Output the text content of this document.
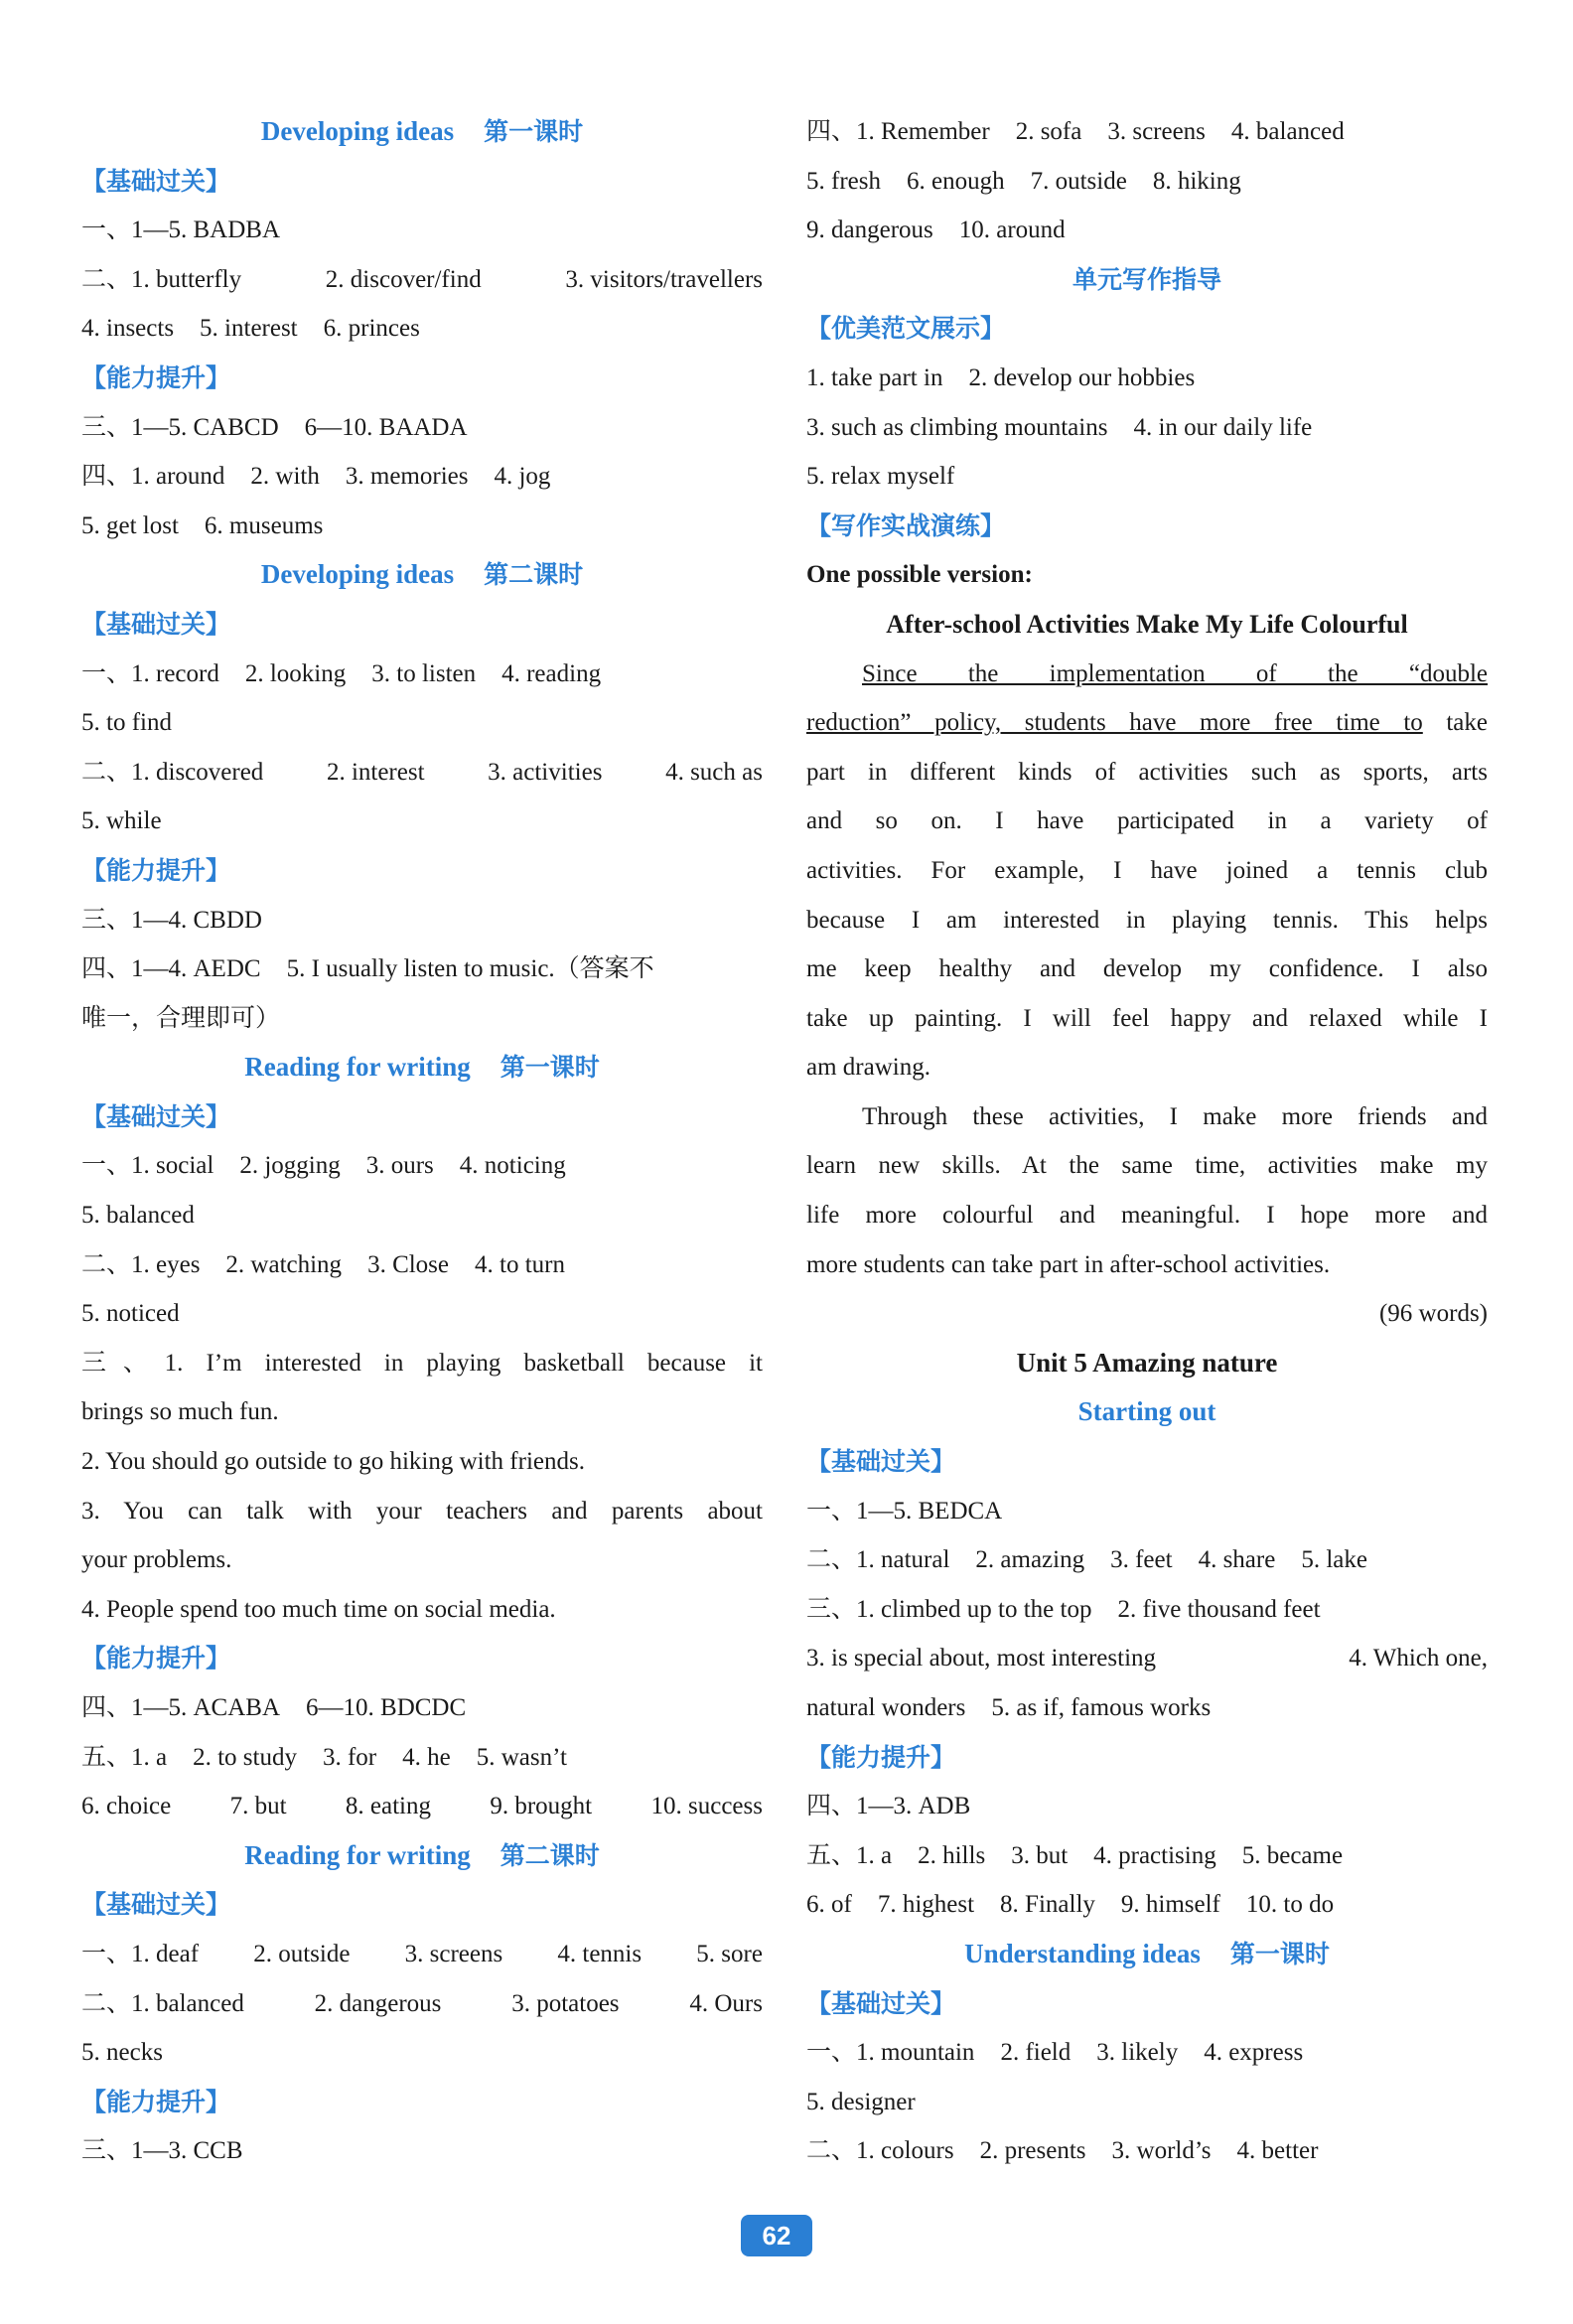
Developing ideas 第一课时
【基础过关】
一、1—5. BADBA
二、1. butterfly	2. discover/find	3. visitors/travellers
4. insects 5. interest 6. princes
【能力提升】
三、1—5. CABCD 6—10. BAADA
四、1. around 2. with 3. memories 4. jog
5. get lost 6. museums
Developing ideas 第二课时
【基础过关】
一、1. record 2. looking 3. to listen 4. reading
5. to find
二、1. discovered	2. interest	3. activities	4. such as
5. while
【能力提升】
三、1—4. CBDD
四、1—4. AEDC 5. I usually listen to music.（答案不
唯一，合理即可）
Reading for writing 第一课时
【基础过关】
一、1. social 2. jogging 3. ours 4. noticing
5. balanced
二、1. eyes 2. watching 3. Close 4. to turn
5. noticed
三、1. I’m interested in playing basketball because it
brings so much fun.
2. You should go outside to go hiking with friends.
3. You can talk with your teachers and parents about
your problems.
4. People spend too much time on social media.
【能力提升】
四、1—5. ACABA 6—10. BDCDC
五、1. a 2. to study 3. for 4. he 5. wasn’t
6. choice 7. but 8. eating 9. brought 10. success
Reading for writing 第二课时
【基础过关】
一、1. deaf 2. outside 3. screens 4. tennis 5. sore
二、1. balanced	2. dangerous	3. potatoes	4. Ours
5. necks
【能力提升】
三、1—3. CCB
四、1. Remember 2. sofa 3. screens 4. balanced
5. fresh 6. enough 7. outside 8. hiking
9. dangerous 10. around
单元写作指导
【优美范文展示】
1. take part in 2. develop our hobbies
3. such as climbing mountains 4. in our daily life
5. relax myself
【写作实战演练】
One possible version:
After-school Activities Make My Life Colourful
Since the implementation of the “double
reduction” policy, students have more free time to take
part in different kinds of activities such as sports, arts
and so on. I have participated in a variety of
activities. For example, I have joined a tennis club
because I am interested in playing tennis. This helps
me keep healthy and develop my confidence. I also
take up painting. I will feel happy and relaxed while I
am drawing.
Through these activities, I make more friends and
learn new skills. At the same time, activities make my
life more colourful and meaningful. I hope more and
more students can take part in after-school activities.
(96 words)
Unit 5 Amazing nature
Starting out
【基础过关】
一、1—5. BEDCA
二、1. natural 2. amazing 3. feet 4. share 5. lake
三、1. climbed up to the top 2. five thousand feet
3. is special about, most interesting	4. Which one,
natural wonders 5. as if, famous works
【能力提升】
四、1—3. ADB
五、1. a 2. hills 3. but 4. practising 5. became
6. of 7. highest 8. Finally 9. himself 10. to do
Understanding ideas 第一课时
【基础过关】
一、1. mountain 2. field 3. likely 4. express
5. designer
二、1. colours 2. presents 3. world’s 4. better
62
